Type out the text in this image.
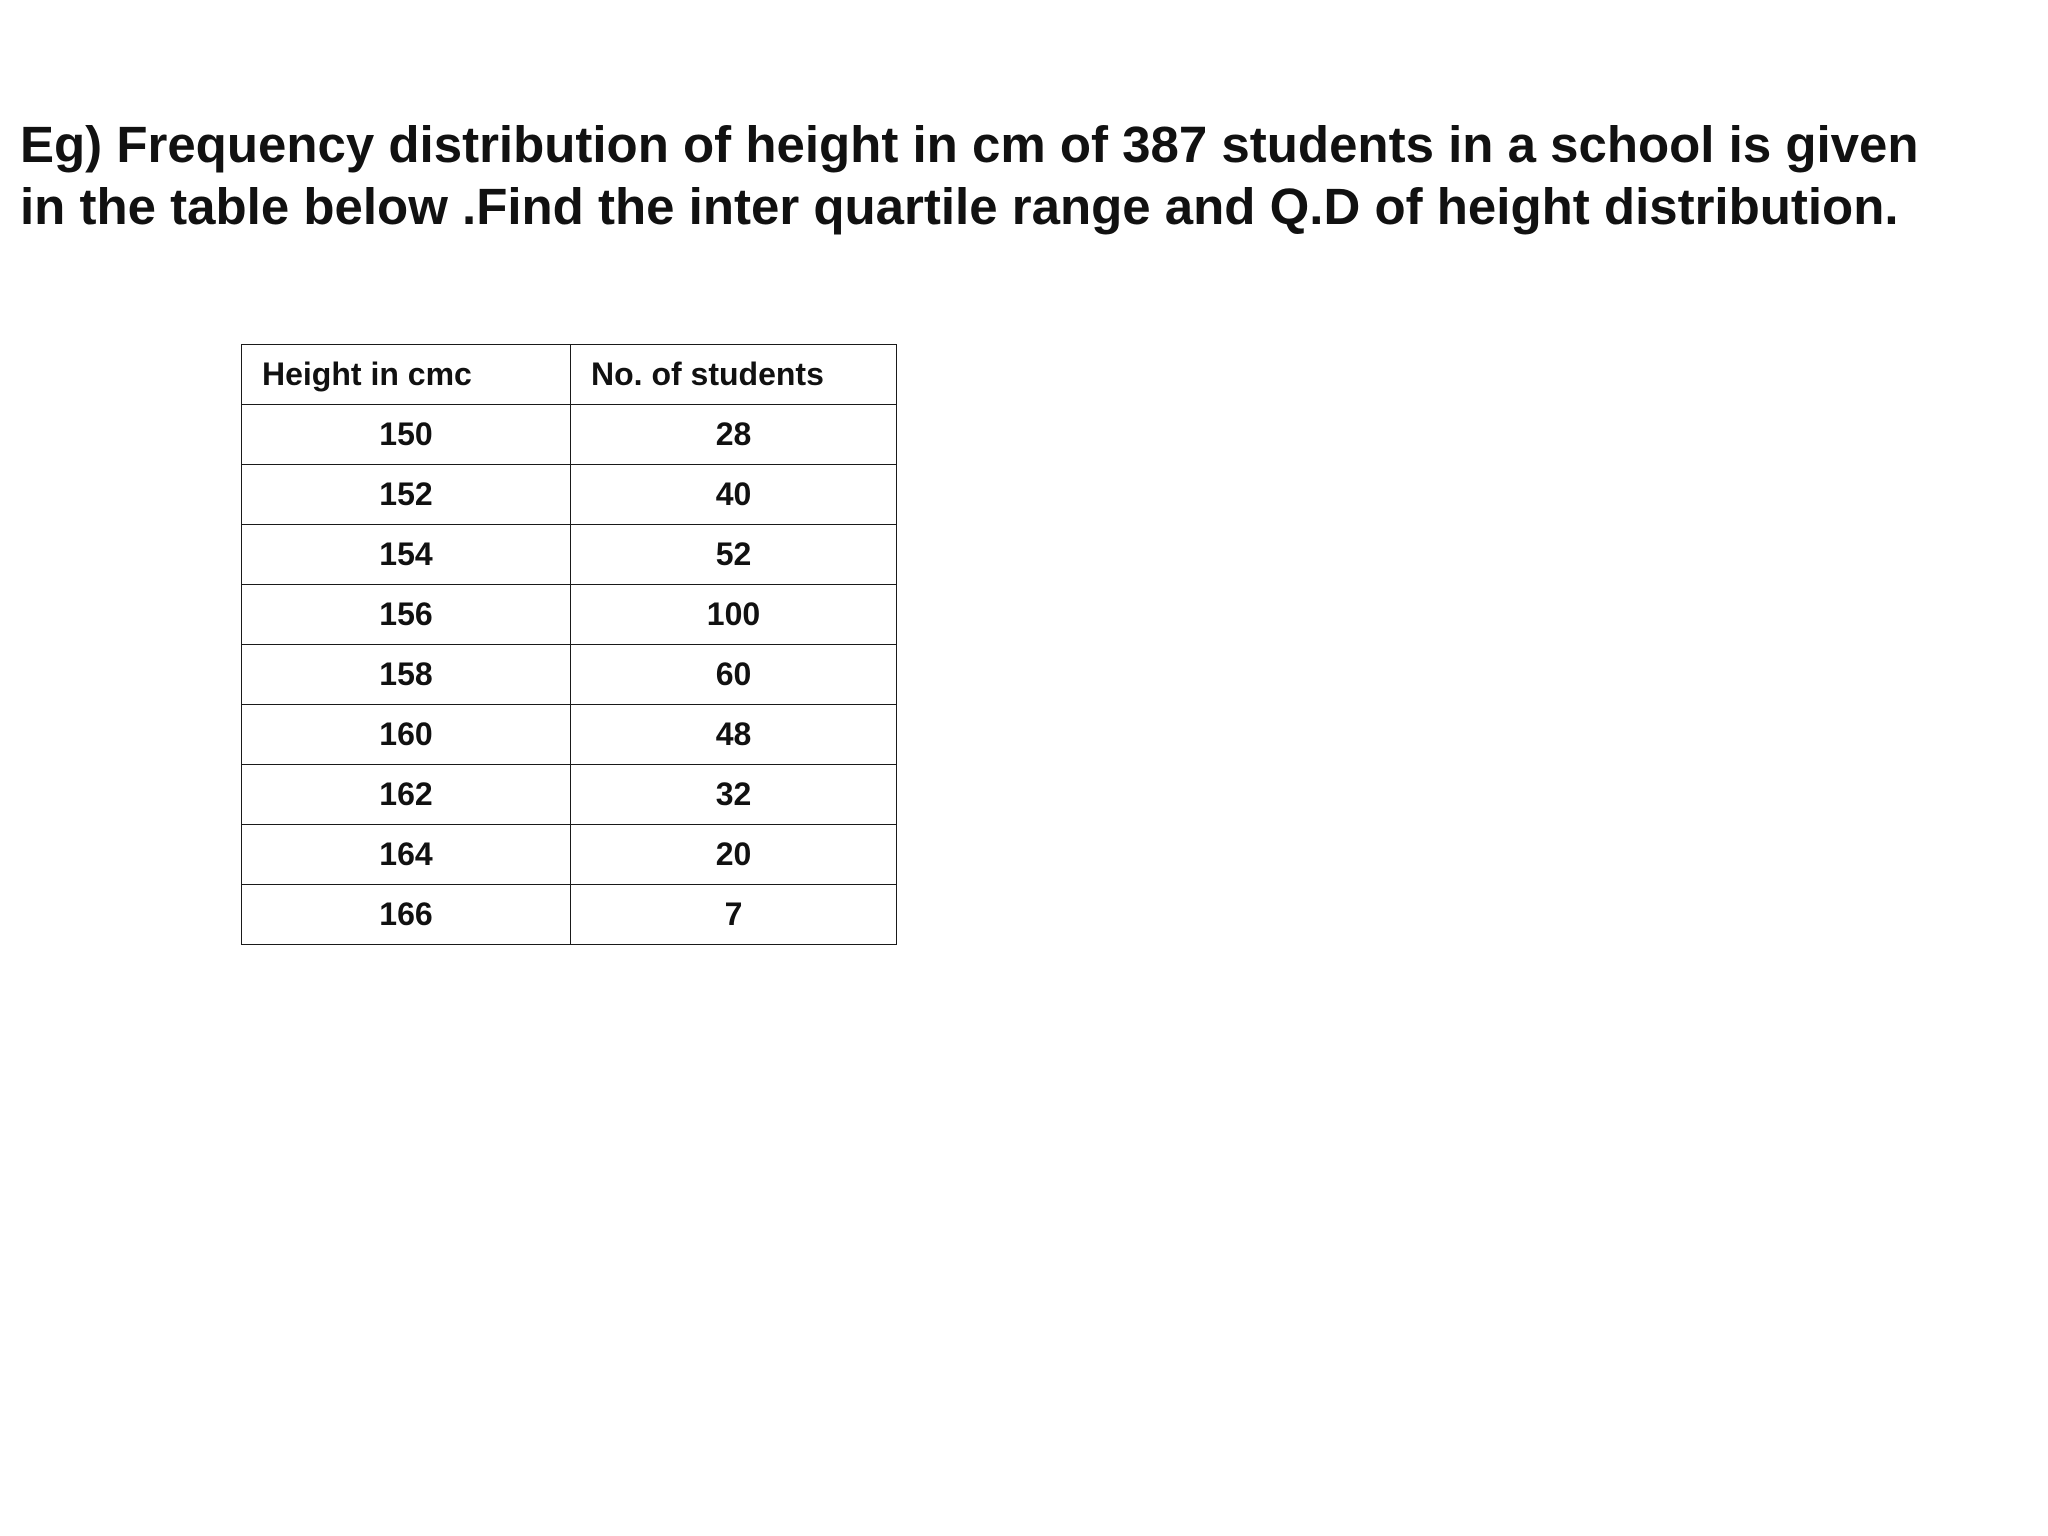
Eg) Frequency distribution of height in cm of 387 students in a school is given
in the table below .Find the inter quartile range and Q.D of height distribution.

Height in cmc	No. of students
150	28
152	40
154	52
156	100
158	60
160	48
162	32
164	20
166	7
